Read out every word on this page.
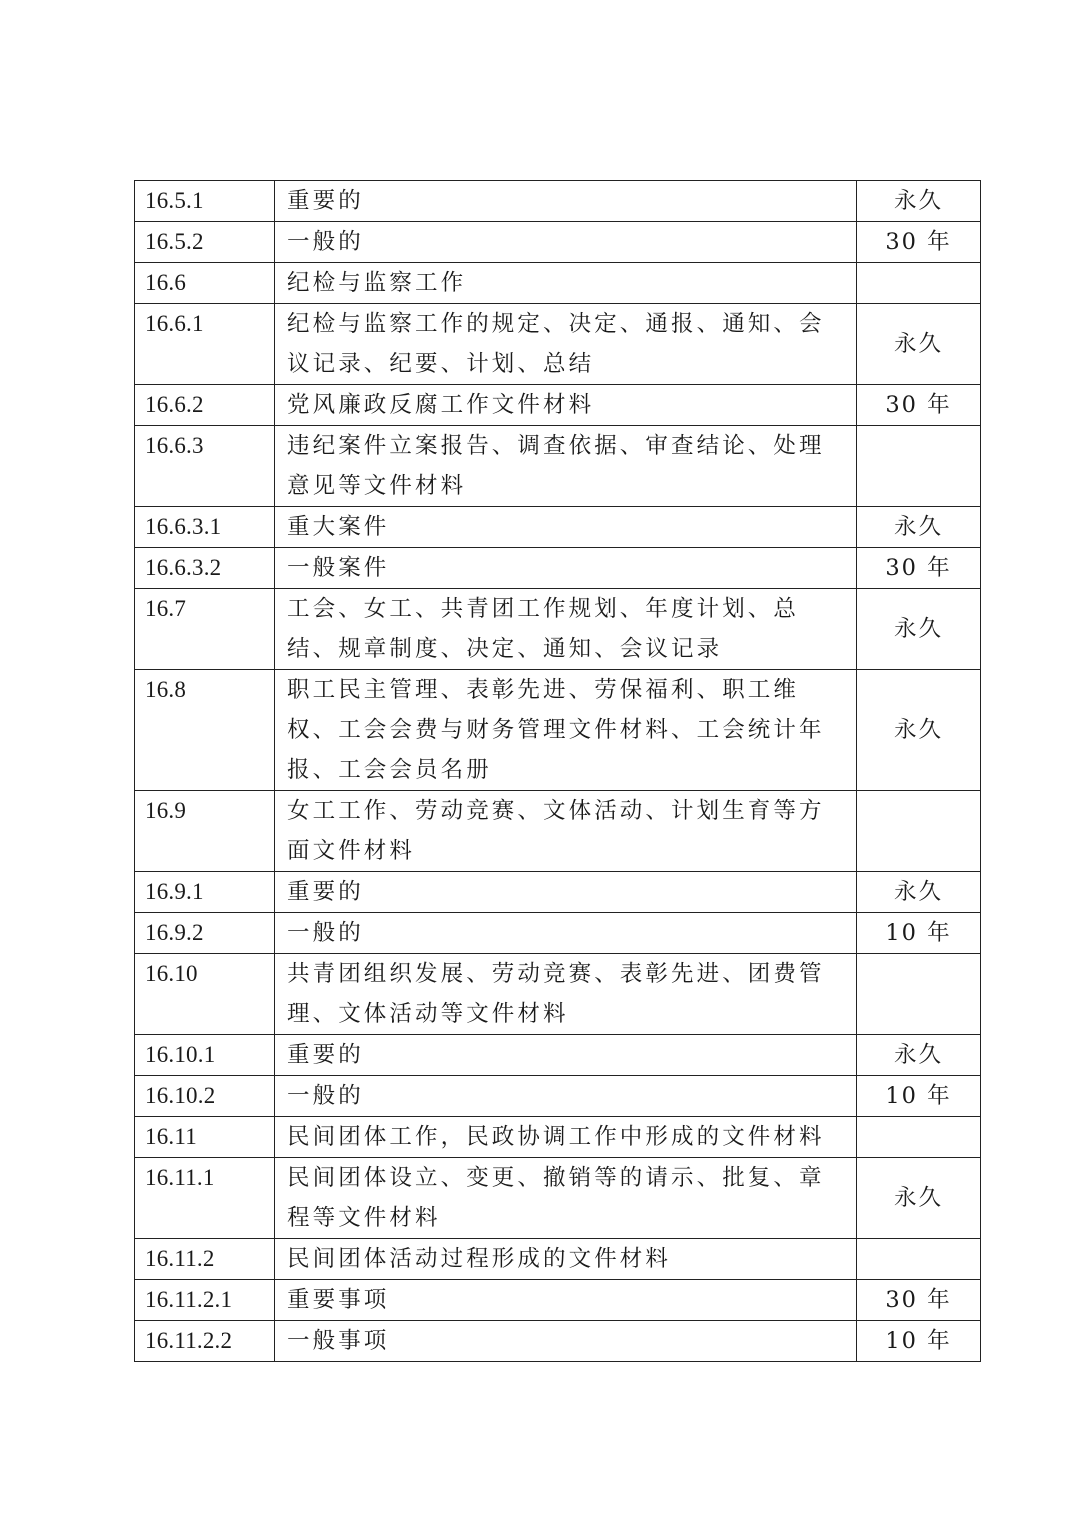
16.5.1	重要的	永久
16.5.2	一般的	30 年
16.6	纪检与监察工作	
16.6.1	纪检与监察工作的规定、决定、通报、通知、会议记录、纪要、计划、总结	永久
16.6.2	党风廉政反腐工作文件材料	30 年
16.6.3	违纪案件立案报告、调查依据、审查结论、处理意见等文件材料	
16.6.3.1	重大案件	永久
16.6.3.2	一般案件	30 年
16.7	工会、女工、共青团工作规划、年度计划、总结、规章制度、决定、通知、会议记录	永久
16.8	职工民主管理、表彰先进、劳保福利、职工维权、工会会费与财务管理文件材料、工会统计年报、工会会员名册	永久
16.9	女工工作、劳动竞赛、文体活动、计划生育等方面文件材料	
16.9.1	重要的	永久
16.9.2	一般的	10 年
16.10	共青团组织发展、劳动竞赛、表彰先进、团费管理、文体活动等文件材料	
16.10.1	重要的	永久
16.10.2	一般的	10 年
16.11	民间团体工作，民政协调工作中形成的文件材料	
16.11.1	民间团体设立、变更、撤销等的请示、批复、章程等文件材料	永久
16.11.2	民间团体活动过程形成的文件材料	
16.11.2.1	重要事项	30 年
16.11.2.2	一般事项	10 年
